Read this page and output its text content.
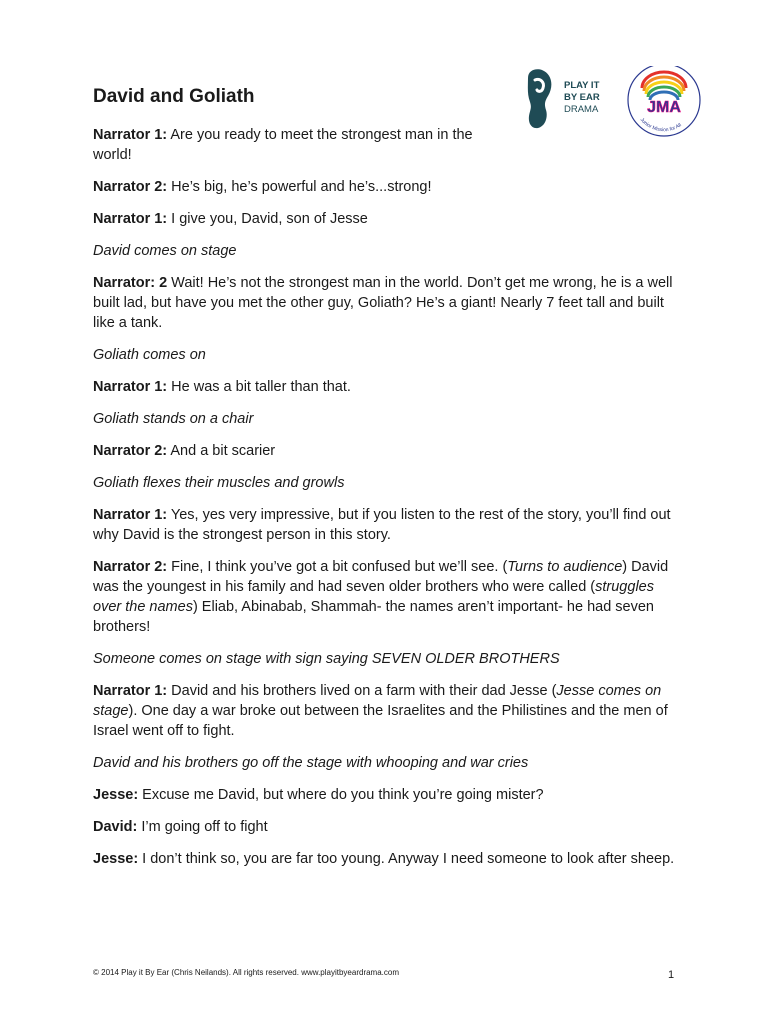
David and Goliath
PLAY IT
BY EAR
DRAMA	JMA
Junior Mission for All

Narrator 1: Are you ready to meet the strongest man in the world!

Narrator 2: He’s big, he’s powerful and he’s...strong!

Narrator 1: I give you, David, son of Jesse

David comes on stage

Narrator: 2 Wait! He’s not the strongest man in the world. Don’t get me wrong, he is a well built lad, but have you met the other guy, Goliath? He’s a giant! Nearly 7 feet tall and built like a tank.

Goliath comes on

Narrator 1: He was a bit taller than that.

Goliath stands on a chair

Narrator 2: And a bit scarier

Goliath flexes their muscles and growls

Narrator 1: Yes, yes very impressive, but if you listen to the rest of the story, you’ll find out why David is the strongest person in this story.

Narrator 2: Fine, I think you’ve got a bit confused but we’ll see. (Turns to audience) David was the youngest in his family and had seven older brothers who were called (struggles over the names) Eliab, Abinabab, Shammah- the names aren’t important- he had seven brothers!

Someone comes on stage with sign saying SEVEN OLDER BROTHERS

Narrator 1: David and his brothers lived on a farm with their dad Jesse (Jesse comes on stage). One day a war broke out between the Israelites and the Philistines and the men of Israel went off to fight.

David and his brothers go off the stage with whooping and war cries

Jesse: Excuse me David, but where do you think you’re going mister?

David: I’m going off to fight

Jesse: I don’t think so, you are far too young. Anyway I need someone to look after sheep.

© 2014 Play it By Ear (Chris Neilands). All rights reserved. www.playitbyeardrama.com	1
